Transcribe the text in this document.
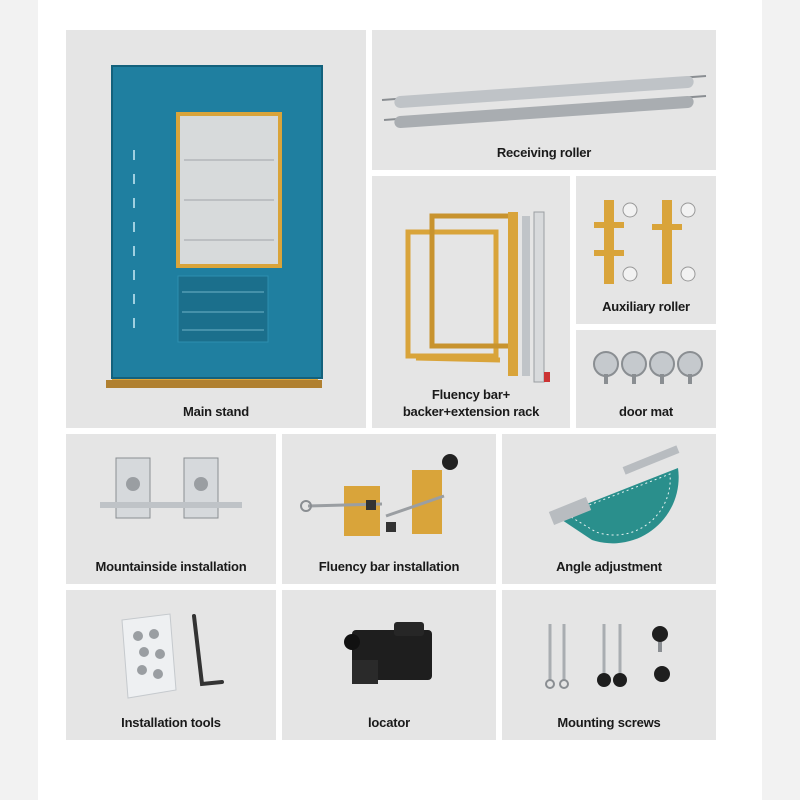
Main stand
Receiving roller
Fluency bar+
backer+extension rack
Auxiliary roller
door mat
Mountainside installation	Fluency bar installation	Angle adjustment
Installation tools	locator	Mounting screws
